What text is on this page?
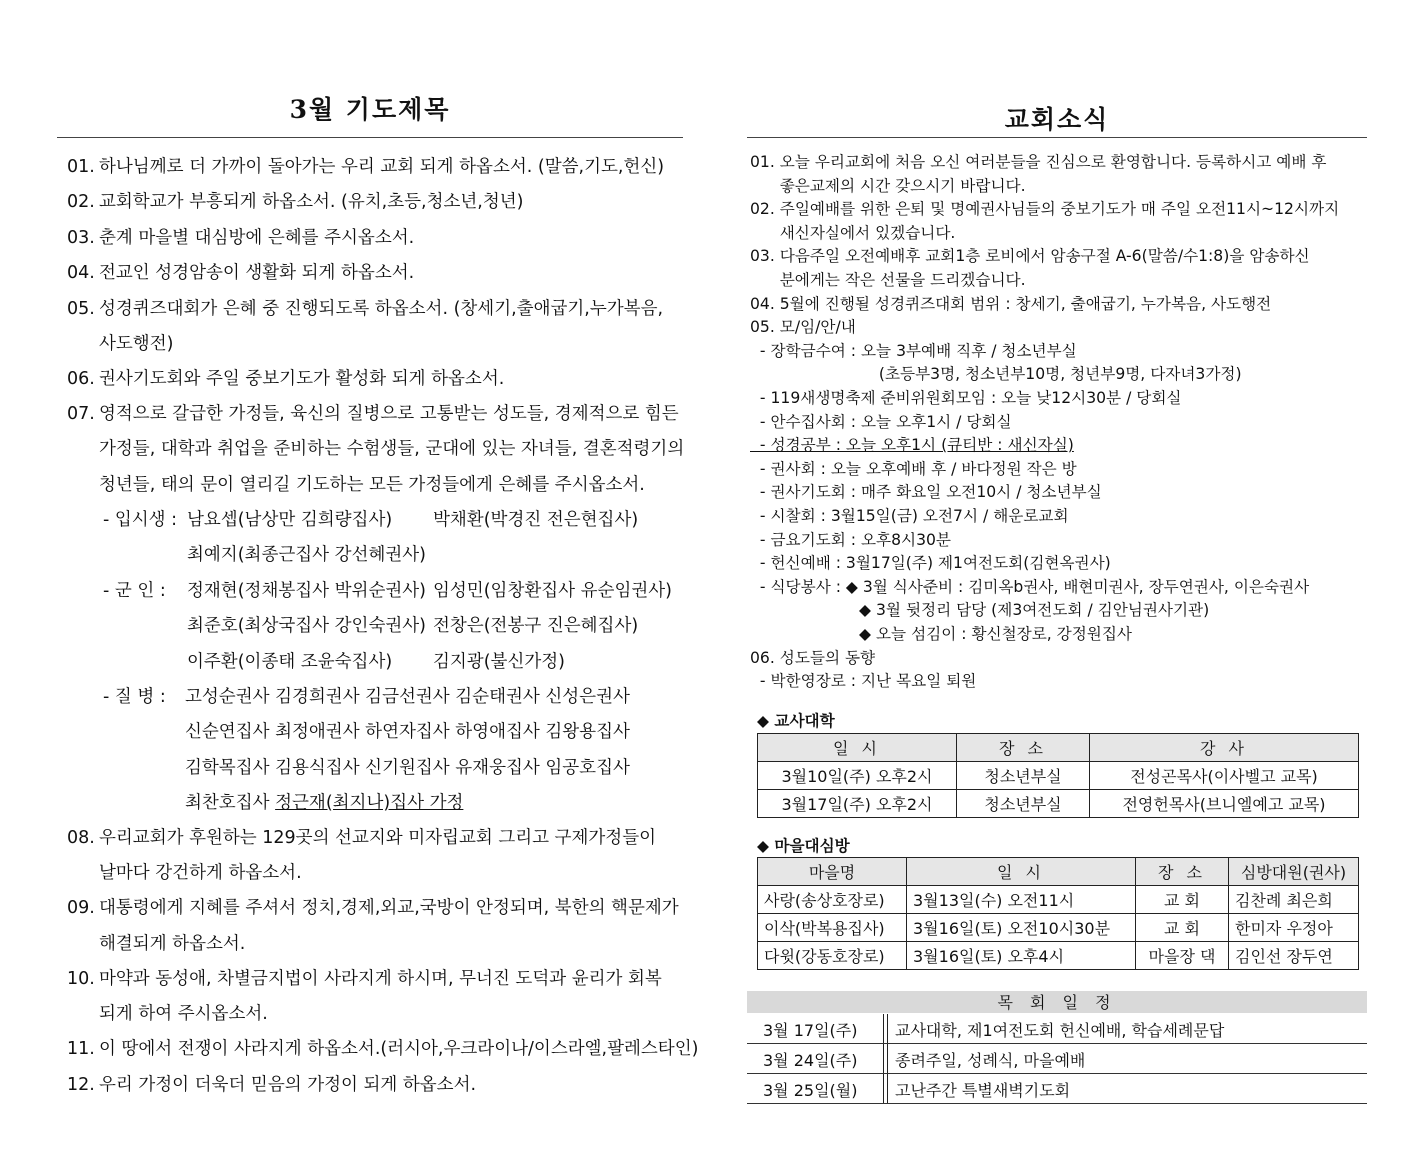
3월 기도제목
01. 하나님께로 더 가까이 돌아가는 우리 교회 되게 하옵소서. (말씀,기도,헌신)
02. 교회학교가 부흥되게 하옵소서. (유치,초등,청소년,청년)
03. 춘계 마을별 대심방에 은혜를 주시옵소서.
04. 전교인 성경암송이 생활화 되게 하옵소서.
05. 성경퀴즈대회가 은혜 중 진행되도록 하옵소서. (창세기,출애굽기,누가복음,
사도행전)
06. 권사기도회와 주일 중보기도가 활성화 되게 하옵소서.
07. 영적으로 갈급한 가정들, 육신의 질병으로 고통받는 성도들, 경제적으로 힘든
가정들, 대학과 취업을 준비하는 수험생들, 군대에 있는 자녀들, 결혼적령기의
청년들, 태의 문이 열리길 기도하는 모든 가정들에게 은혜를 주시옵소서.
- 입시생 : 남요셉(남상만 김희량집사) 박채환(박경진 전은현집사)
최예지(최종근집사 강선혜권사)
- 군 인 : 정재현(정채봉집사 박위순권사) 임성민(임창환집사 유순임권사)
최준호(최상국집사 강인숙권사) 전창은(전봉구 진은혜집사)
이주환(이종태 조윤숙집사) 김지광(불신가정)
- 질 병 : 고성순권사 김경희권사 김금선권사 김순태권사 신성은권사
신순연집사 최정애권사 하연자집사 하영애집사 김왕용집사
김학목집사 김용식집사 신기원집사 유재웅집사 임공호집사
최찬호집사 정근재(최지나)집사 가정
08. 우리교회가 후원하는 129곳의 선교지와 미자립교회 그리고 구제가정들이
날마다 강건하게 하옵소서.
09. 대통령에게 지혜를 주셔서 정치,경제,외교,국방이 안정되며, 북한의 핵문제가
해결되게 하옵소서.
10. 마약과 동성애, 차별금지법이 사라지게 하시며, 무너진 도덕과 윤리가 회복
되게 하여 주시옵소서.
11. 이 땅에서 전쟁이 사라지게 하옵소서.(러시아,우크라이나/이스라엘,팔레스타인)
12. 우리 가정이 더욱더 믿음의 가정이 되게 하옵소서.
교회소식
01. 오늘 우리교회에 처음 오신 여러분들을 진심으로 환영합니다. 등록하시고 예배 후
좋은교제의 시간 갖으시기 바랍니다.
02. 주일예배를 위한 은퇴 및 명예권사님들의 중보기도가 매 주일 오전11시~12시까지
새신자실에서 있겠습니다.
03. 다음주일 오전예배후 교회1층 로비에서 암송구절 A-6(말씀/수1:8)을 암송하신
분에게는 작은 선물을 드리겠습니다.
04. 5월에 진행될 성경퀴즈대회 범위 : 창세기, 출애굽기, 누가복음, 사도행전
05. 모/임/안/내
- 장학금수여 : 오늘 3부예배 직후 / 청소년부실
(초등부3명, 청소년부10명, 청년부9명, 다자녀3가정)
- 119새생명축제 준비위원회모임 : 오늘 낮12시30분 / 당회실
- 안수집사회 : 오늘 오후1시 / 당회실
- 성경공부 : 오늘 오후1시 (큐티반 : 새신자실)
- 권사회 : 오늘 오후예배 후 / 바다정원 작은 방
- 권사기도회 : 매주 화요일 오전10시 / 청소년부실
- 시찰회 : 3월15일(금) 오전7시 / 해운로교회
- 금요기도회 : 오후8시30분
- 헌신예배 : 3월17일(주) 제1여전도회(김현옥권사)
- 식당봉사 : ◆ 3월 식사준비 : 김미옥b권사, 배현미권사, 장두연권사, 이은숙권사
◆ 3월 뒷정리 담당 (제3여전도회 / 김안님권사기관)
◆ 오늘 섬김이 : 황신철장로, 강정원집사
06. 성도들의 동향
- 박한영장로 : 지난 목요일 퇴원
◆ 교사대학
일 시	장 소	강 사
3월10일(주) 오후2시	청소년부실	전성곤목사(이사벨고 교목)
3월17일(주) 오후2시	청소년부실	전영헌목사(브니엘예고 교목)
◆ 마을대심방
마을명	일 시	장 소	심방대원(권사)
사랑(송상호장로)	3월13일(수) 오전11시	교 회	김찬례 최은희
이삭(박복용집사)	3월16일(토) 오전10시30분	교 회	한미자 우정아
다윗(강동호장로)	3월16일(토) 오후4시	마을장 댁	김인선 장두연
목 회 일 정
3월 17일(주) 교사대학, 제1여전도회 헌신예배, 학습세례문답
3월 24일(주) 종려주일, 성례식, 마을예배
3월 25일(월) 고난주간 특별새벽기도회
